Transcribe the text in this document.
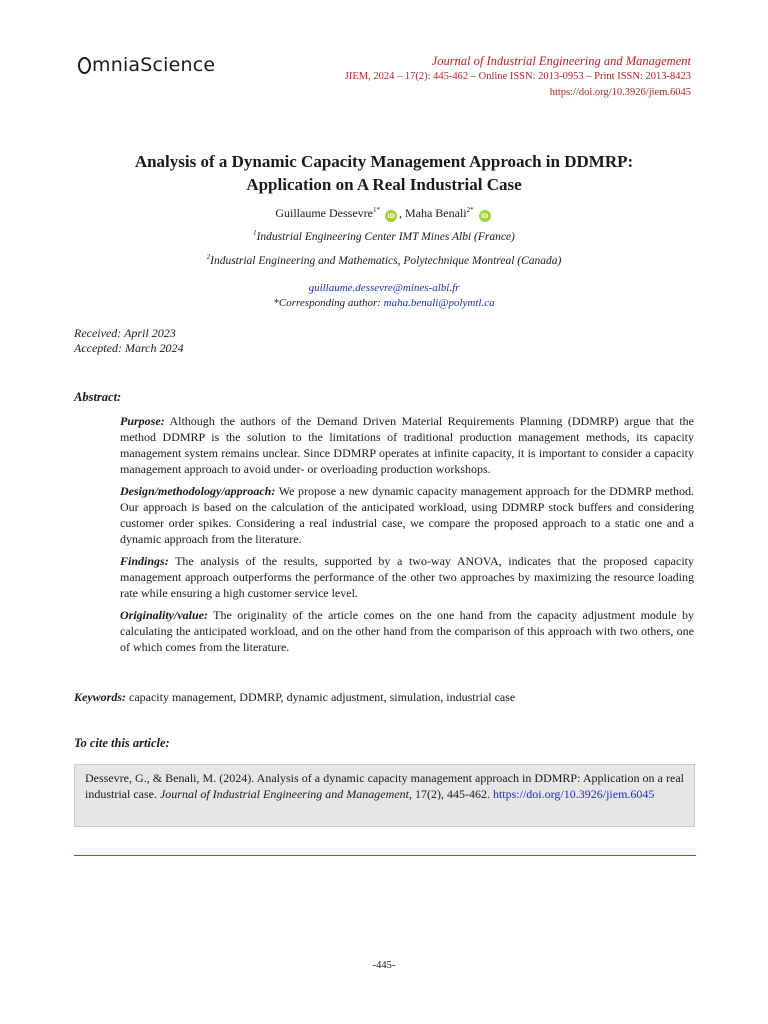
mniaScience	Journal of Industrial Engineering and Management
JIEM, 2024 – 17(2): 445-462 – Online ISSN: 2013-0953 – Print ISSN: 2013-8423
https://doi.org/10.3926/jiem.6045
Analysis of a Dynamic Capacity Management Approach in DDMRP:
Application on A Real Industrial Case
Guillaume Dessevre$^{1*}$ iD , Maha Benali$^{2*}$ iD
$^1$Industrial Engineering Center IMT Mines Albi (France)
$^2$Industrial Engineering and Mathematics, Polytechnique Montreal (Canada)
guillaume.dessevre@mines-albi.fr
*Corresponding author: maha.benali@polymtl.ca
Received: April 2023
Accepted: March 2024
Abstract:

Purpose: Although the authors of the Demand Driven Material Requirements Planning (DDMRP) argue that the method DDMRP is the solution to the limitations of traditional production management methods, its capacity management system remains unclear. Since DDMRP operates at infinite capacity, it is important to consider a capacity management approach to avoid under- or overloading production workshops.

Design/methodology/approach: We propose a new dynamic capacity management approach for the DDMRP method. Our approach is based on the calculation of the anticipated workload, using DDMRP stock buffers and considering customer order spikes. Considering a real industrial case, we compare the proposed approach to a static one and a dynamic approach from the literature.

Findings: The analysis of the results, supported by a two-way ANOVA, indicates that the proposed capacity management approach outperforms the performance of the other two approaches by maximizing the resource loading rate while ensuring a high customer service level.

Originality/value: The originality of the article comes on the one hand from the capacity adjustment module by calculating the anticipated workload, and on the other hand from the comparison of this approach with two others, one of which comes from the literature.

Keywords: capacity management, DDMRP, dynamic adjustment, simulation, industrial case
To cite this article:
Dessevre, G., & Benali, M. (2024). Analysis of a dynamic capacity management approach in DDMRP: Application on a real industrial case. Journal of Industrial Engineering and Management, 17(2), 445-462. https://doi.org/10.3926/jiem.6045
-445-
